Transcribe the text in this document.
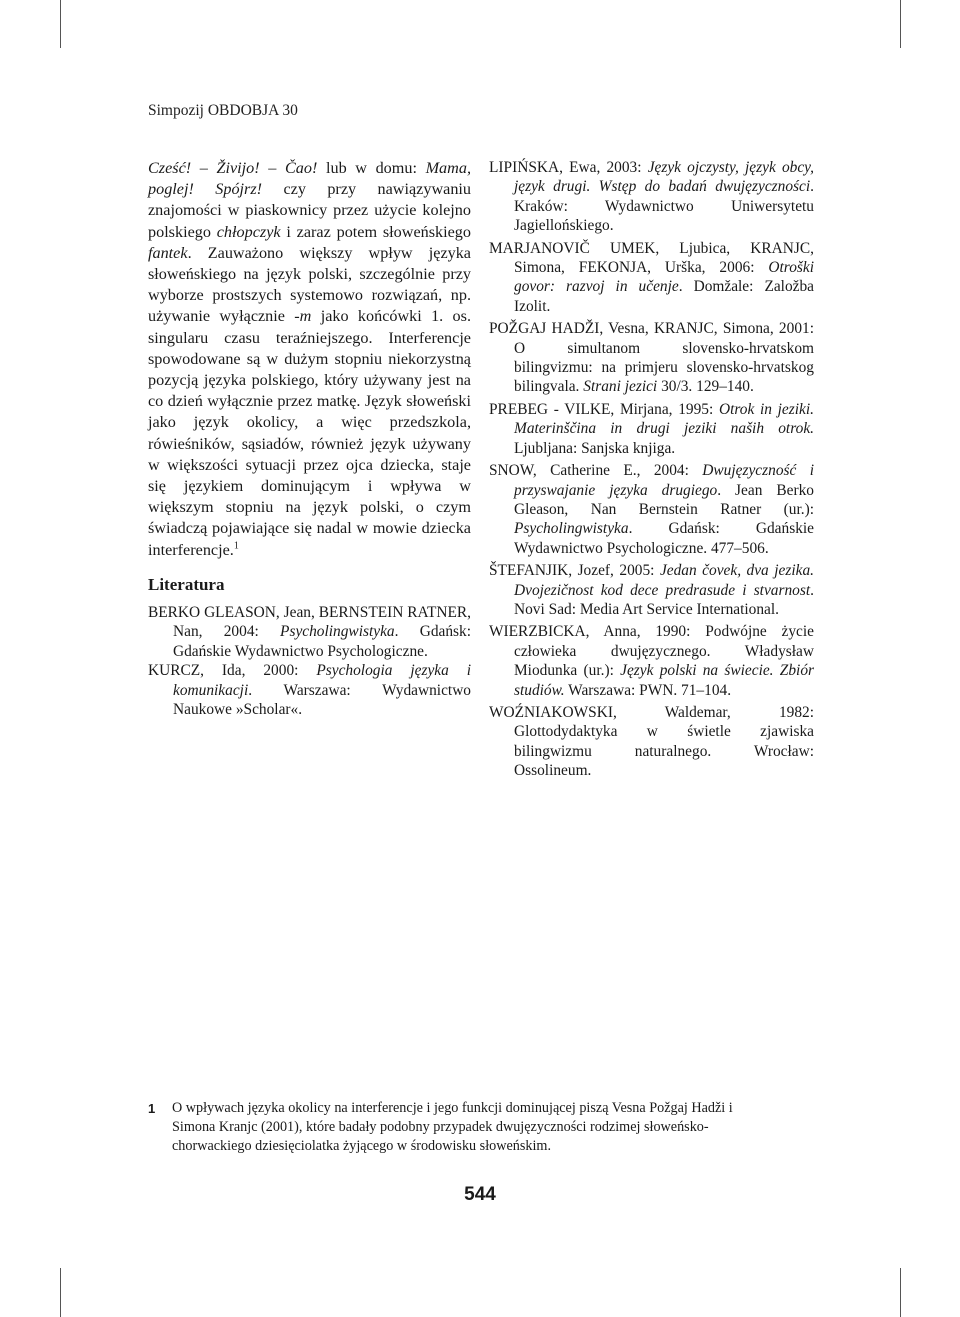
Simpozij OBDOBJA 30

Cześć! – Živijo! – Čao! lub w domu: Mama, poglej! Spójrz! czy przy nawiązywaniu znajomości w piaskownicy przez użycie kolejno polskiego chłopczyk i zaraz potem słoweńskiego fantek. Zauważono większy wpływ języka słoweńskiego na język polski, szczególnie przy wyborze prostszych systemowo rozwiązań, np. używanie wyłącznie -m jako końcówki 1. os. singularu czasu teraźniejszego. Interferencje spowodowane są w dużym stopniu niekorzystną pozycją języka polskiego, który używany jest na co dzień wyłącznie przez matkę. Język słoweński jako język okolicy, a więc przedszkola, rówieśników, sąsiadów, również język używany w większości sytuacji przez ojca dziecka, staje się językiem dominującym i wpływa w większym stopniu na język polski, o czym świadczą pojawiające się nadal w mowie dziecka interferencje.$^1$

Literatura

BERKO GLEASON, Jean, BERNSTEIN RATNER, Nan, 2004: Psycholingwistyka. Gdańsk: Gdańskie Wydawnictwo Psychologiczne.

KURCZ, Ida, 2000: Psychologia języka i komunikacji. Warszawa: Wydawnictwo Naukowe »Scholar«.

LIPIŃSKA, Ewa, 2003: Język ojczysty, język obcy, język drugi. Wstęp do badań dwujęzyczności. Kraków: Wydawnictwo Uniwersytetu Jagiellońskiego.

MARJANOVIČ UMEK, Ljubica, KRANJC, Simona, FEKONJA, Urška, 2006: Otroški govor: razvoj in učenje. Domžale: Založba Izolit.

POŽGAJ HADŽI, Vesna, KRANJC, Simona, 2001: O simultanom slovensko-hrvatskom bilingvizmu: na primjeru slovensko-hrvatskog bilingvala. Strani jezici 30/3. 129–140.

PREBEG - VILKE, Mirjana, 1995: Otrok in jeziki. Materinščina in drugi jeziki naših otrok. Ljubljana: Sanjska knjiga.

SNOW, Catherine E., 2004: Dwujęzyczność i przyswajanie języka drugiego. Jean Berko Gleason, Nan Bernstein Ratner (ur.): Psycholingwistyka. Gdańsk: Gdańskie Wydawnictwo Psychologiczne. 477–506.

ŠTEFANJIK, Jozef, 2005: Jedan čovek, dva jezika. Dvojezičnost kod dece predrasude i stvarnost. Novi Sad: Media Art Service International.

WIERZBICKA, Anna, 1990: Podwójne życie człowieka dwujęzycznego. Władysław Miodunka (ur.): Język polski na świecie. Zbiór studiów. Warszawa: PWN. 71–104.

WOŹNIAKOWSKI, Waldemar, 1982: Glottodydaktyka w świetle zjawiska bilingwizmu naturalnego. Wrocław: Ossolineum.

1 O wpływach języka okolicy na interferencje i jego funkcji dominującej piszą Vesna Požgaj Hadži i
Simona Kranjc (2001), które badały podobny przypadek dwujęzyczności rodzimej słoweńsko-
chorwackiego dziesięciolatka żyjącego w środowisku słoweńskim.

544
